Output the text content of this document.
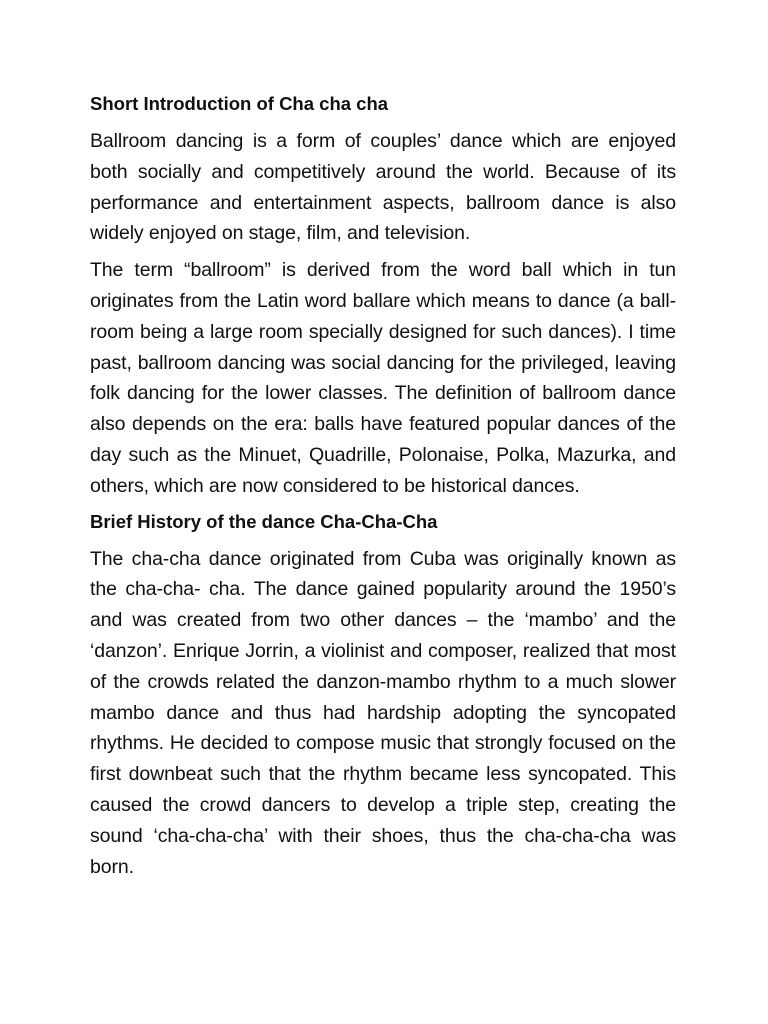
Short Introduction of Cha cha cha

Ballroom dancing is a form of couples’ dance which are enjoyed both socially and competitively around the world. Because of its performance and entertainment aspects, ballroom dance is also widely enjoyed on stage, film, and television.

The term “ballroom” is derived from the word ball which in tun originates from the Latin word ballare which means to dance (a ball-room being a large room specially designed for such dances). I time past, ballroom dancing was social dancing for the privileged, leaving folk dancing for the lower classes. The definition of ballroom dance also depends on the era: balls have featured popular dances of the day such as the Minuet, Quadrille, Polonaise, Polka, Mazurka, and others, which are now considered to be historical dances.

Brief History of the dance Cha-Cha-Cha

The cha-cha dance originated from Cuba was originally known as the cha-cha- cha. The dance gained popularity around the 1950’s and was created from two other dances – the ‘mambo’ and the ‘danzon’. Enrique Jorrin, a violinist and composer, realized that most of the crowds related the danzon-mambo rhythm to a much slower mambo dance and thus had hardship adopting the syncopated rhythms. He decided to compose music that strongly focused on the first downbeat such that the rhythm became less syncopated. This caused the crowd dancers to develop a triple step, creating the sound ‘cha-cha-cha’ with their shoes, thus the cha-cha-cha was born.
